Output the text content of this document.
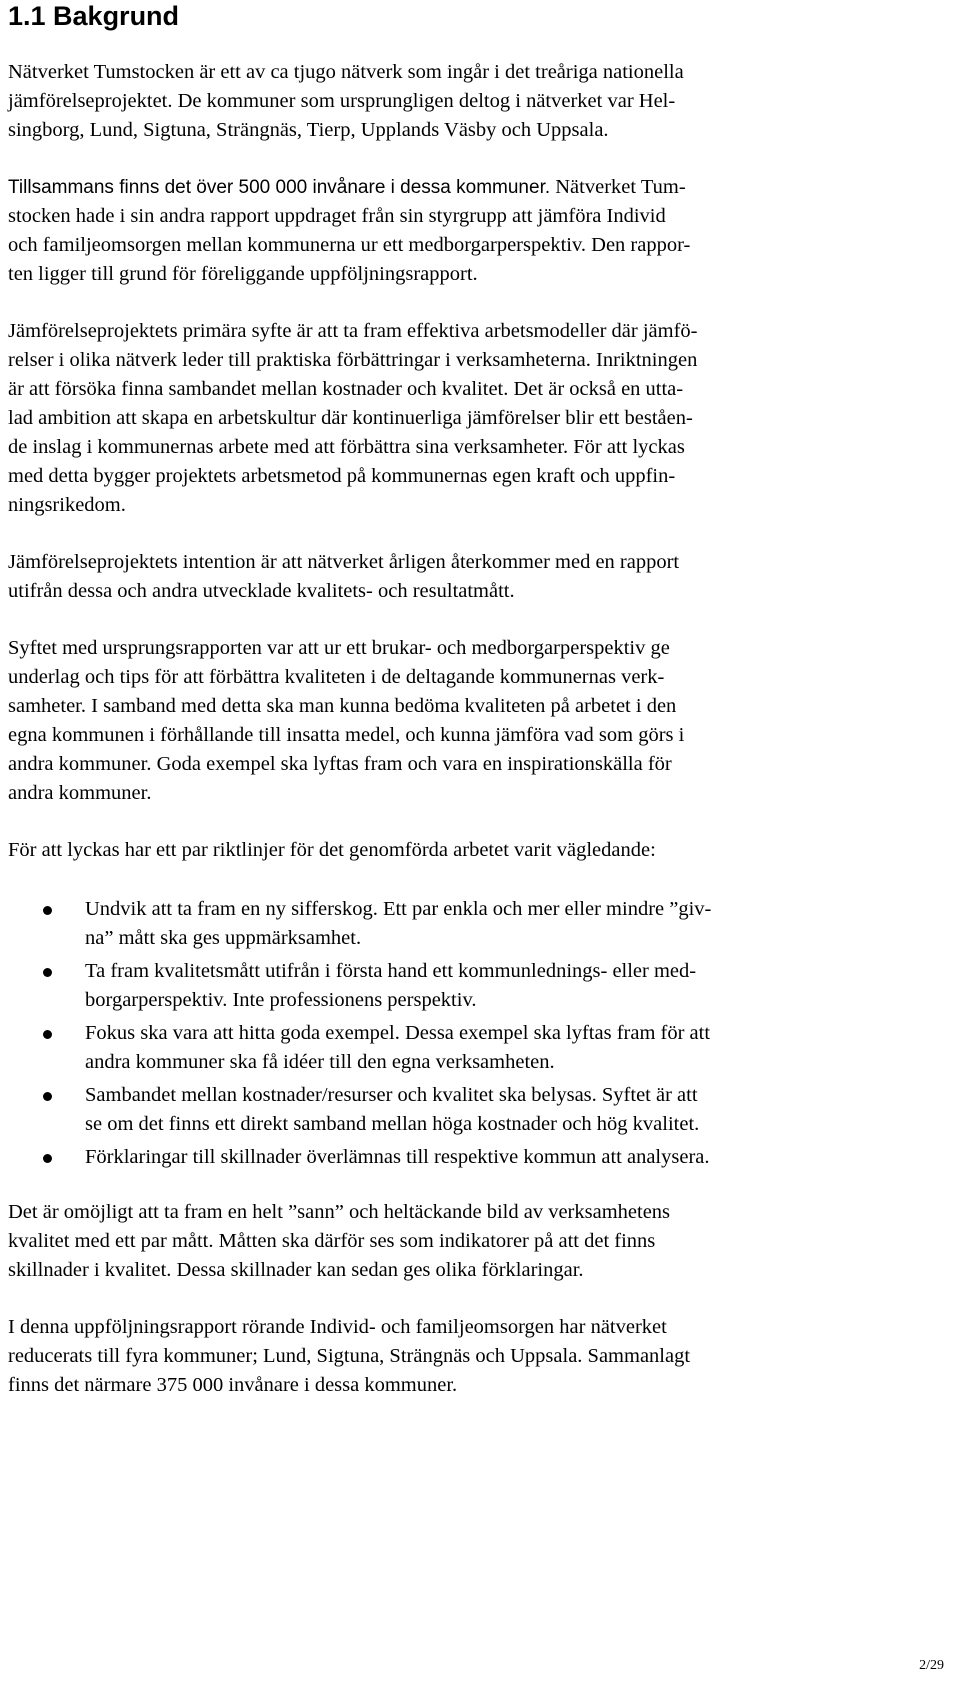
1.1 Bakgrund
Nätverket Tumstocken är ett av ca tjugo nätverk som ingår i det treåriga nationella
jämförelseprojektet. De kommuner som ursprungligen deltog i nätverket var Hel-
singborg, Lund, Sigtuna, Strängnäs, Tierp, Upplands Väsby och Uppsala.
Tillsammans finns det över 500 000 invånare i dessa kommuner. Nätverket Tum-
stocken hade i sin andra rapport uppdraget från sin styrgrupp att jämföra Individ
och familjeomsorgen mellan kommunerna ur ett medborgarperspektiv. Den rappor-
ten ligger till grund för föreliggande uppföljningsrapport.
Jämförelseprojektets primära syfte är att ta fram effektiva arbetsmodeller där jämfö-
relser i olika nätverk leder till praktiska förbättringar i verksamheterna. Inriktningen
är att försöka finna sambandet mellan kostnader och kvalitet. Det är också en utta-
lad ambition att skapa en arbetskultur där kontinuerliga jämförelser blir ett beståen-
de inslag i kommunernas arbete med att förbättra sina verksamheter. För att lyckas
med detta bygger projektets arbetsmetod på kommunernas egen kraft och uppfin-
ningsrikedom.
Jämförelseprojektets intention är att nätverket årligen återkommer med en rapport
utifrån dessa och andra utvecklade kvalitets- och resultatmått.
Syftet med ursprungsrapporten var att ur ett brukar- och medborgarperspektiv ge
underlag och tips för att förbättra kvaliteten i de deltagande kommunernas verk-
samheter. I samband med detta ska man kunna bedöma kvaliteten på arbetet i den
egna kommunen i förhållande till insatta medel, och kunna jämföra vad som görs i
andra kommuner. Goda exempel ska lyftas fram och vara en inspirationskälla för
andra kommuner.
För att lyckas har ett par riktlinjer för det genomförda arbetet varit vägledande:
Undvik att ta fram en ny sifferskog. Ett par enkla och mer eller mindre ”giv-
na” mått ska ges uppmärksamhet.
Ta fram kvalitetsmått utifrån i första hand ett kommunlednings- eller med-
borgarperspektiv. Inte professionens perspektiv.
Fokus ska vara att hitta goda exempel. Dessa exempel ska lyftas fram för att
andra kommuner ska få idéer till den egna verksamheten.
Sambandet mellan kostnader/resurser och kvalitet ska belysas. Syftet är att
se om det finns ett direkt samband mellan höga kostnader och hög kvalitet.
Förklaringar till skillnader överlämnas till respektive kommun att analysera.
Det är omöjligt att ta fram en helt ”sann” och heltäckande bild av verksamhetens
kvalitet med ett par mått. Måtten ska därför ses som indikatorer på att det finns
skillnader i kvalitet. Dessa skillnader kan sedan ges olika förklaringar.
I denna uppföljningsrapport rörande Individ- och familjeomsorgen har nätverket
reducerats till fyra kommuner; Lund, Sigtuna, Strängnäs och Uppsala. Sammanlagt
finns det närmare 375 000 invånare i dessa kommuner.
2/29
